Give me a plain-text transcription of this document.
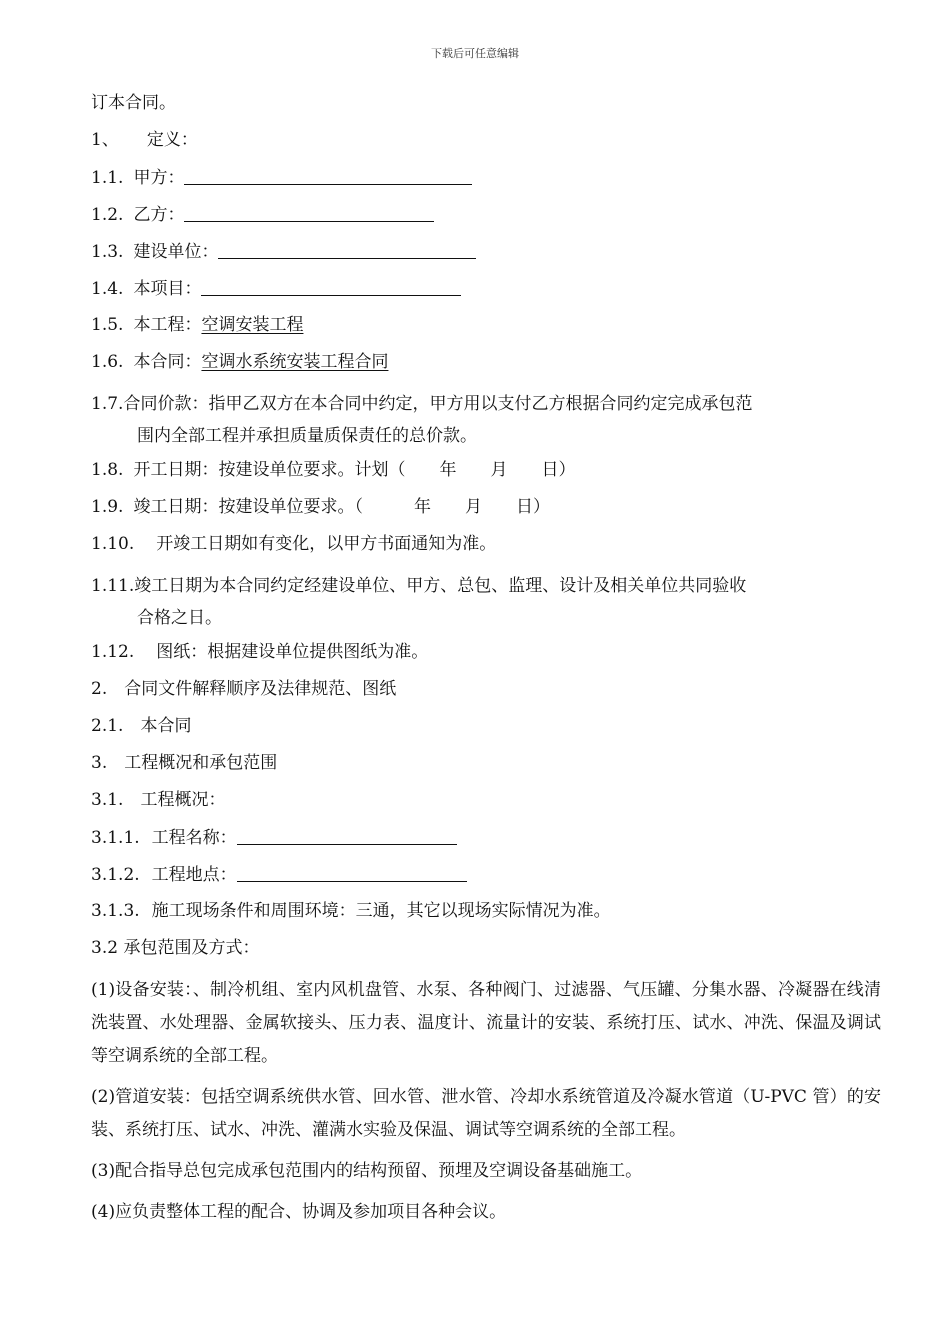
下载后可任意编辑
订本合同。
1、 定义：
1.1. 甲方：
1.2. 乙方：
1.3. 建设单位：
1.4. 本项目：
1.5. 本工程：空调安装工程
1.6. 本合同：空调水系统安装工程合同
1.7.合同价款：指甲乙双方在本合同中约定，甲方用以支付乙方根据合同约定完成承包范
围内全部工程并承担质量质保责任的总价款。
1.8. 开工日期：按建设单位要求。计划（　　年　　月　　日）
1.9. 竣工日期：按建设单位要求。（　　　年　　月　　日）
1.10. 开竣工日期如有变化，以甲方书面通知为准。
1.11.竣工日期为本合同约定经建设单位、甲方、总包、监理、设计及相关单位共同验收
合格之日。
1.12. 图纸：根据建设单位提供图纸为准。
2.　合同文件解释顺序及法律规范、图纸
2.1.　本合同
3.　工程概况和承包范围
3.1.　工程概况：
3.1.1. 工程名称：
3.1.2. 工程地点：
3.1.3. 施工现场条件和周围环境：三通，其它以现场实际情况为准。
3.2 承包范围及方式：
(1)设备安装：、制冷机组、室内风机盘管、水泵、各种阀门、过滤器、气压罐、分集水器、冷凝器在线清洗装置、水处理器、金属软接头、压力表、温度计、流量计的安装、系统打压、试水、冲洗、保温及调试等空调系统的全部工程。
(2)管道安装：包括空调系统供水管、回水管、泄水管、冷却水系统管道及冷凝水管道（U-PVC 管）的安装、系统打压、试水、冲洗、灌满水实验及保温、调试等空调系统的全部工程。
(3)配合指导总包完成承包范围内的结构预留、预埋及空调设备基础施工。
(4)应负责整体工程的配合、协调及参加项目各种会议。
